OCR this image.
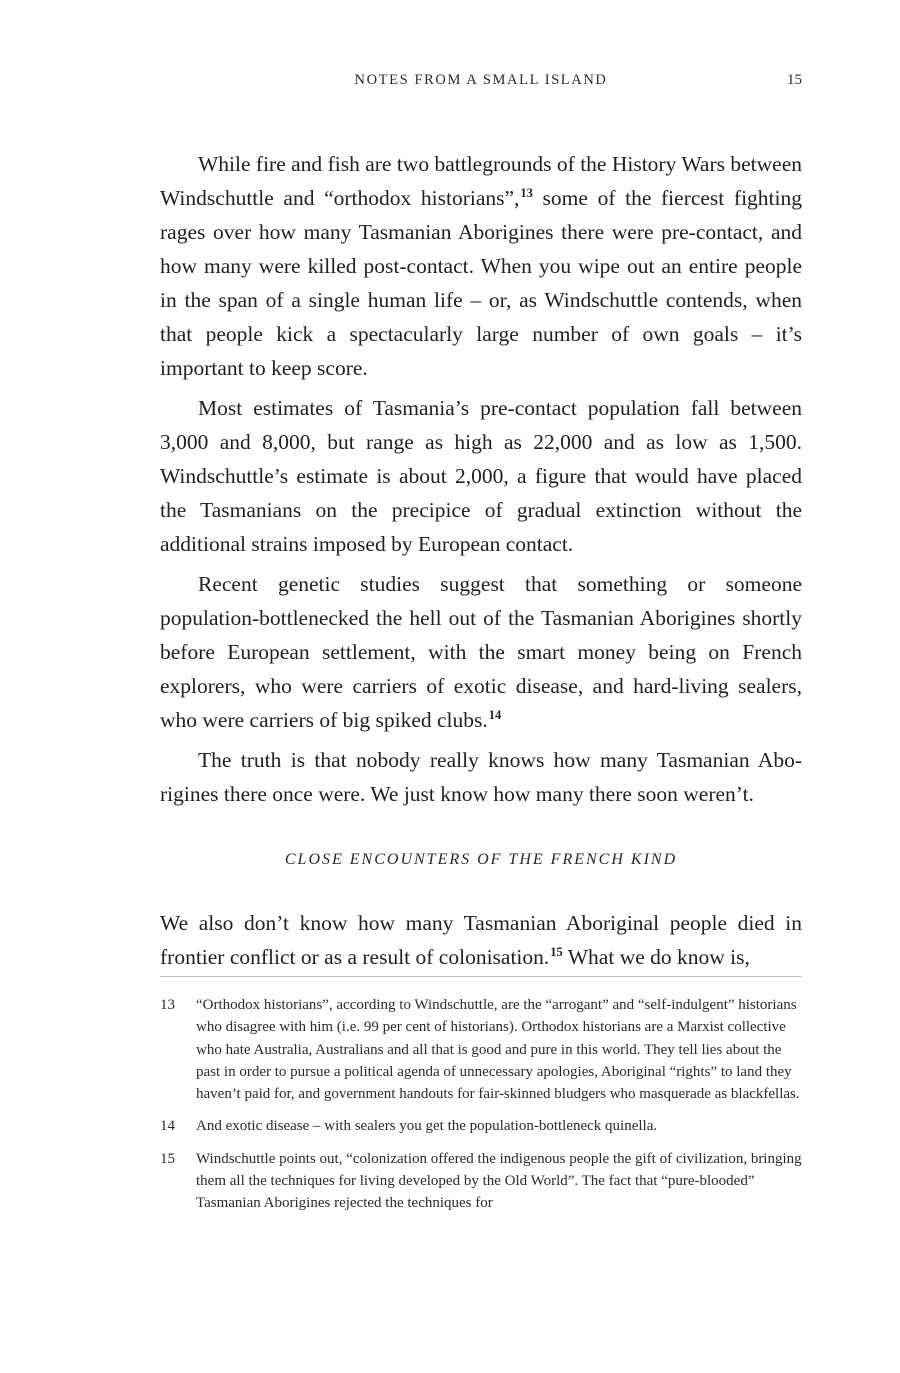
NOTES FROM A SMALL ISLAND	15

While fire and fish are two battlegrounds of the History Wars between Windschuttle and “orthodox historians”,$^{13}$ some of the fiercest fighting rages over how many Tasmanian Aborigines there were pre-contact, and how many were killed post-contact. When you wipe out an entire people in the span of a single human life – or, as Windschuttle contends, when that people kick a spectacularly large number of own goals – it’s important to keep score.

Most estimates of Tasmania’s pre-contact population fall between 3,000 and 8,000, but range as high as 22,000 and as low as 1,500. Windschuttle’s estimate is about 2,000, a figure that would have placed the Tasmanians on the precipice of gradual extinction without the additional strains imposed by European contact.

Recent genetic studies suggest that something or someone population-bottlenecked the hell out of the Tasmanian Aborigines shortly before European settlement, with the smart money being on French explorers, who were carriers of exotic disease, and hard-living sealers, who were carriers of big spiked clubs.$^{14}$

The truth is that nobody really knows how many Tasmanian Aborigines there once were. We just know how many there soon weren’t.

CLOSE ENCOUNTERS OF THE FRENCH KIND

We also don’t know how many Tasmanian Aboriginal people died in frontier conflict or as a result of colonisation.$^{15}$ What we do know is,

13	“Orthodox historians”, according to Windschuttle, are the “arrogant” and “self-indulgent” historians who disagree with him (i.e. 99 per cent of historians). Orthodox historians are a Marxist collective who hate Australia, Australians and all that is good and pure in this world. They tell lies about the past in order to pursue a political agenda of unnecessary apologies, Aboriginal “rights” to land they haven’t paid for, and government handouts for fair-skinned bludgers who masquerade as blackfellas.
14	And exotic disease – with sealers you get the population-bottleneck quinella.
15	Windschuttle points out, “colonization offered the indigenous people the gift of civilization, bringing them all the techniques for living developed by the Old World”. The fact that “pure-blooded” Tasmanian Aborigines rejected the techniques for
